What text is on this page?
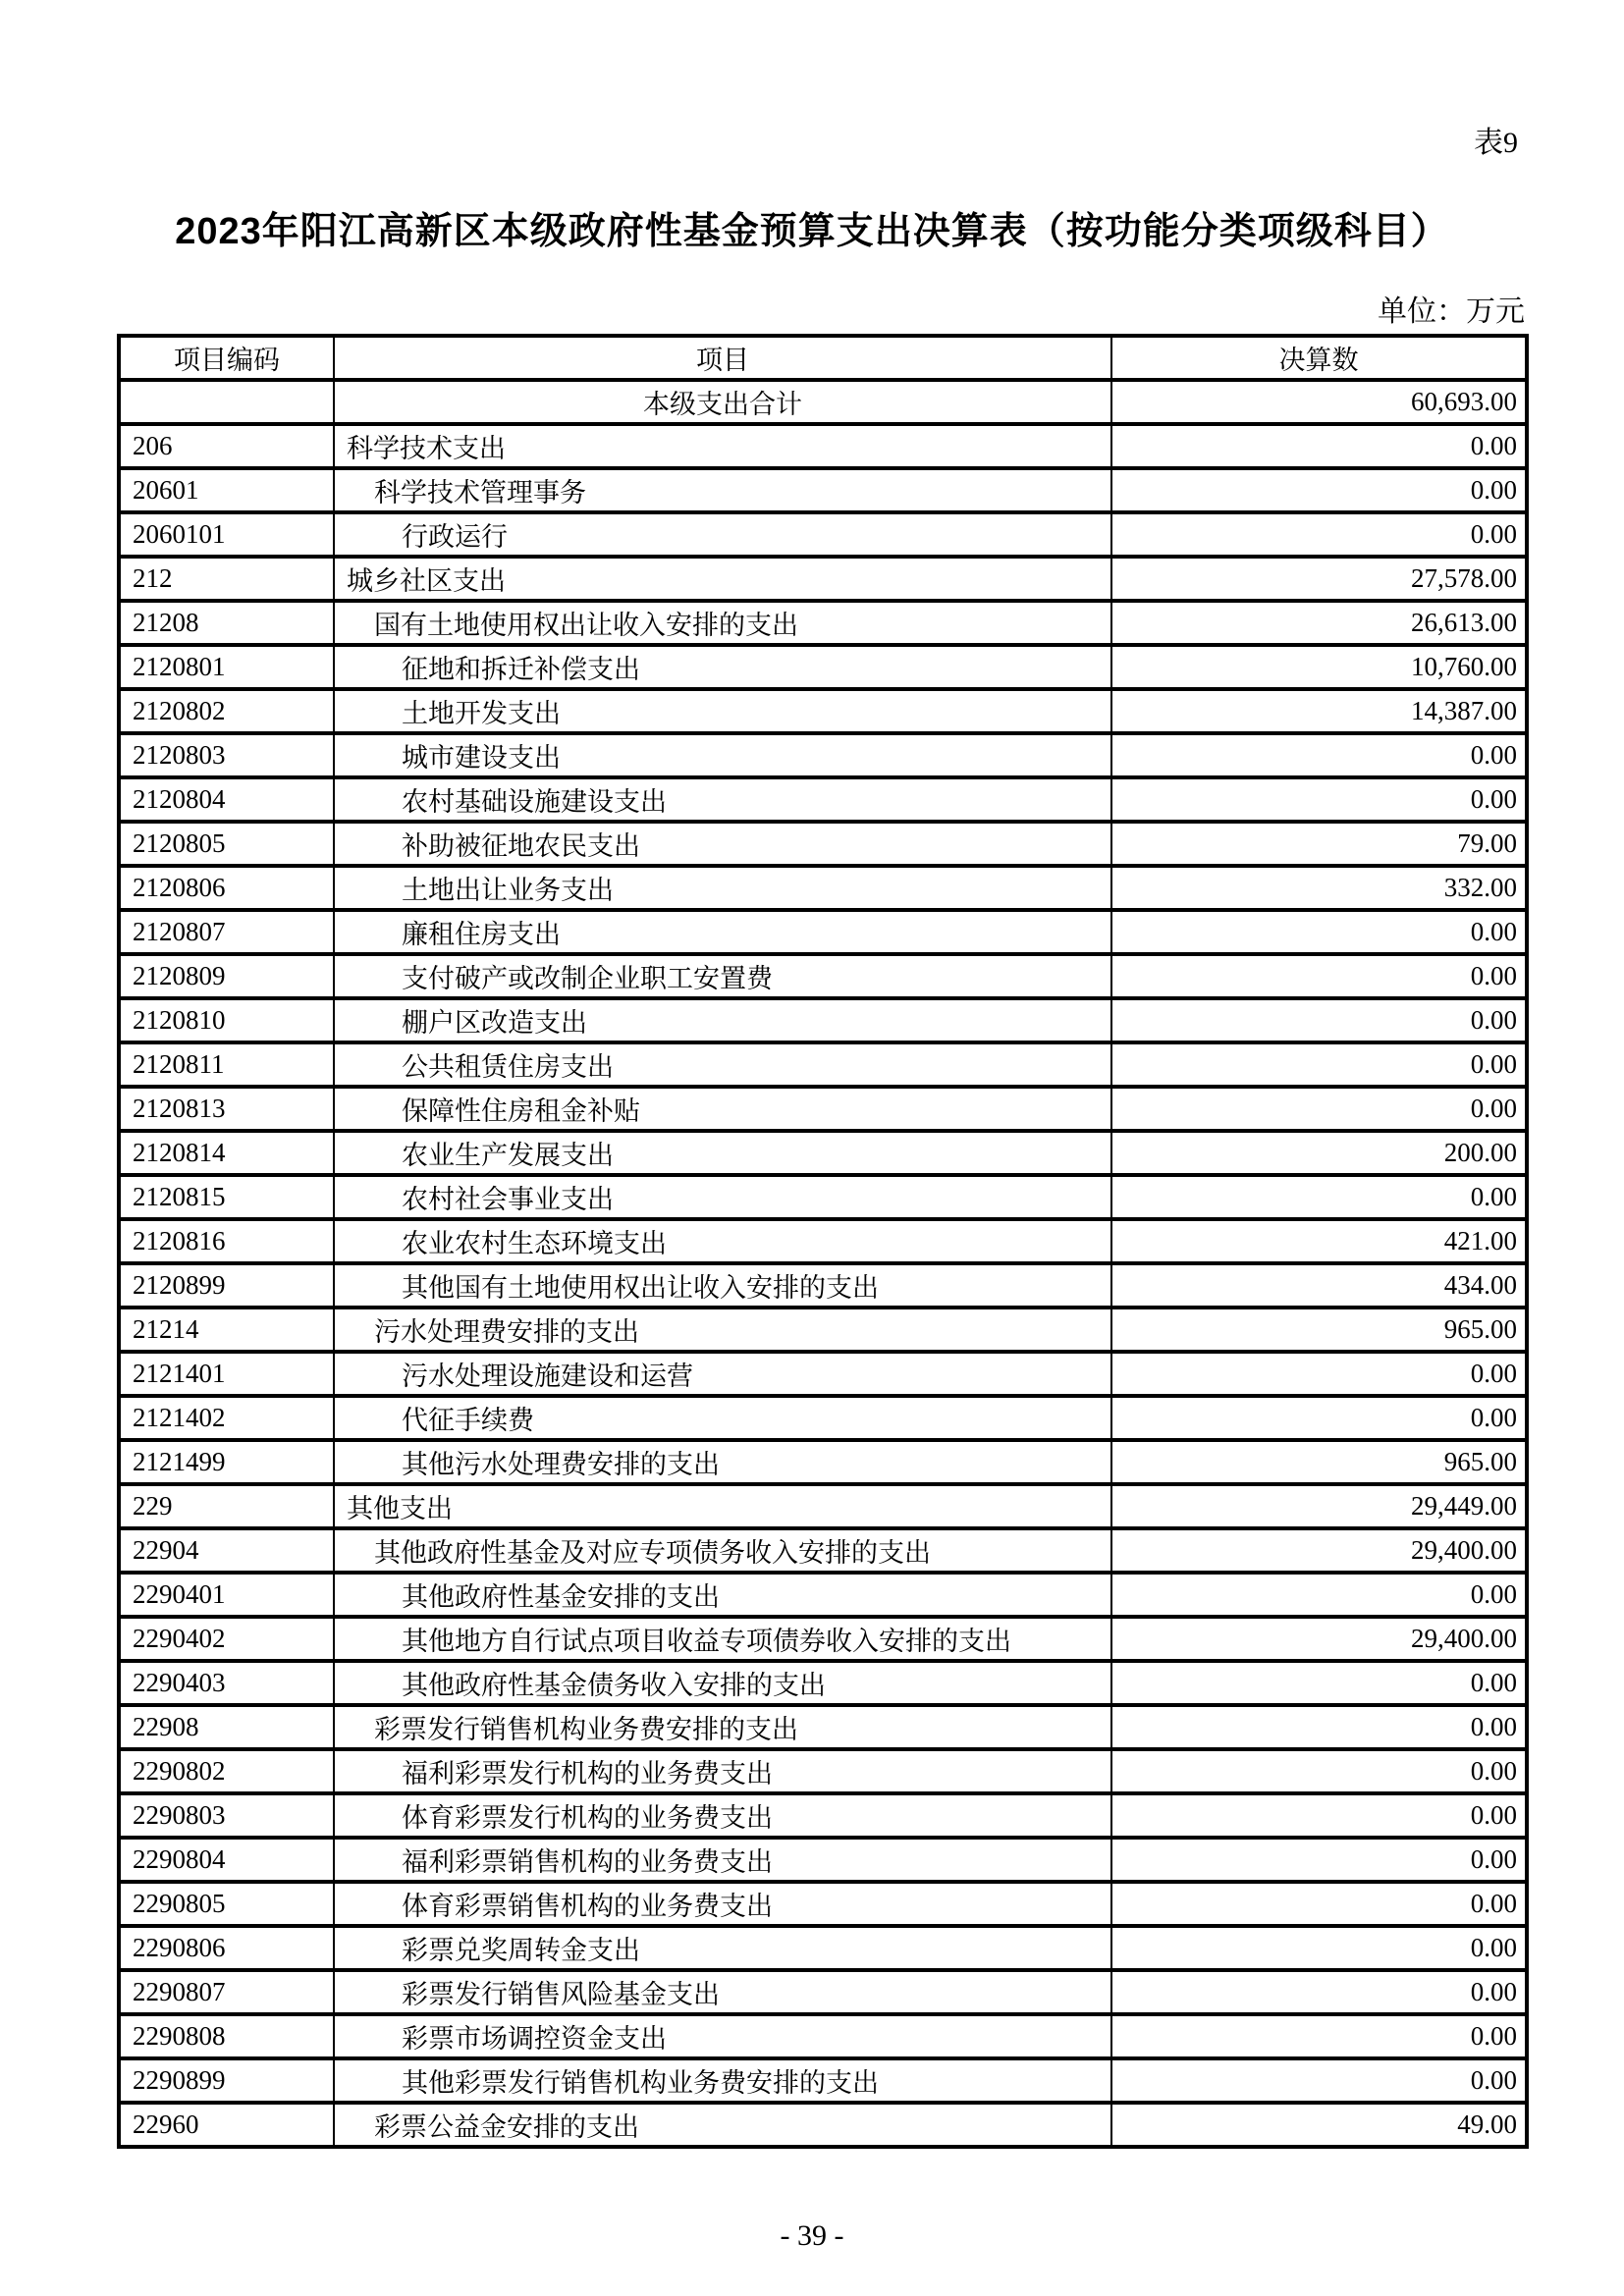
表9
2023年阳江高新区本级政府性基金预算支出决算表（按功能分类项级科目）
单位：万元
项目编码	项目	决算数
	本级支出合计	60,693.00
206	科学技术支出	0.00
20601	科学技术管理事务	0.00
2060101	行政运行	0.00
212	城乡社区支出	27,578.00
21208	国有土地使用权出让收入安排的支出	26,613.00
2120801	征地和拆迁补偿支出	10,760.00
2120802	土地开发支出	14,387.00
2120803	城市建设支出	0.00
2120804	农村基础设施建设支出	0.00
2120805	补助被征地农民支出	79.00
2120806	土地出让业务支出	332.00
2120807	廉租住房支出	0.00
2120809	支付破产或改制企业职工安置费	0.00
2120810	棚户区改造支出	0.00
2120811	公共租赁住房支出	0.00
2120813	保障性住房租金补贴	0.00
2120814	农业生产发展支出	200.00
2120815	农村社会事业支出	0.00
2120816	农业农村生态环境支出	421.00
2120899	其他国有土地使用权出让收入安排的支出	434.00
21214	污水处理费安排的支出	965.00
2121401	污水处理设施建设和运营	0.00
2121402	代征手续费	0.00
2121499	其他污水处理费安排的支出	965.00
229	其他支出	29,449.00
22904	其他政府性基金及对应专项债务收入安排的支出	29,400.00
2290401	其他政府性基金安排的支出	0.00
2290402	其他地方自行试点项目收益专项债券收入安排的支出	29,400.00
2290403	其他政府性基金债务收入安排的支出	0.00
22908	彩票发行销售机构业务费安排的支出	0.00
2290802	福利彩票发行机构的业务费支出	0.00
2290803	体育彩票发行机构的业务费支出	0.00
2290804	福利彩票销售机构的业务费支出	0.00
2290805	体育彩票销售机构的业务费支出	0.00
2290806	彩票兑奖周转金支出	0.00
2290807	彩票发行销售风险基金支出	0.00
2290808	彩票市场调控资金支出	0.00
2290899	其他彩票发行销售机构业务费安排的支出	0.00
22960	彩票公益金安排的支出	49.00
- 39 -
